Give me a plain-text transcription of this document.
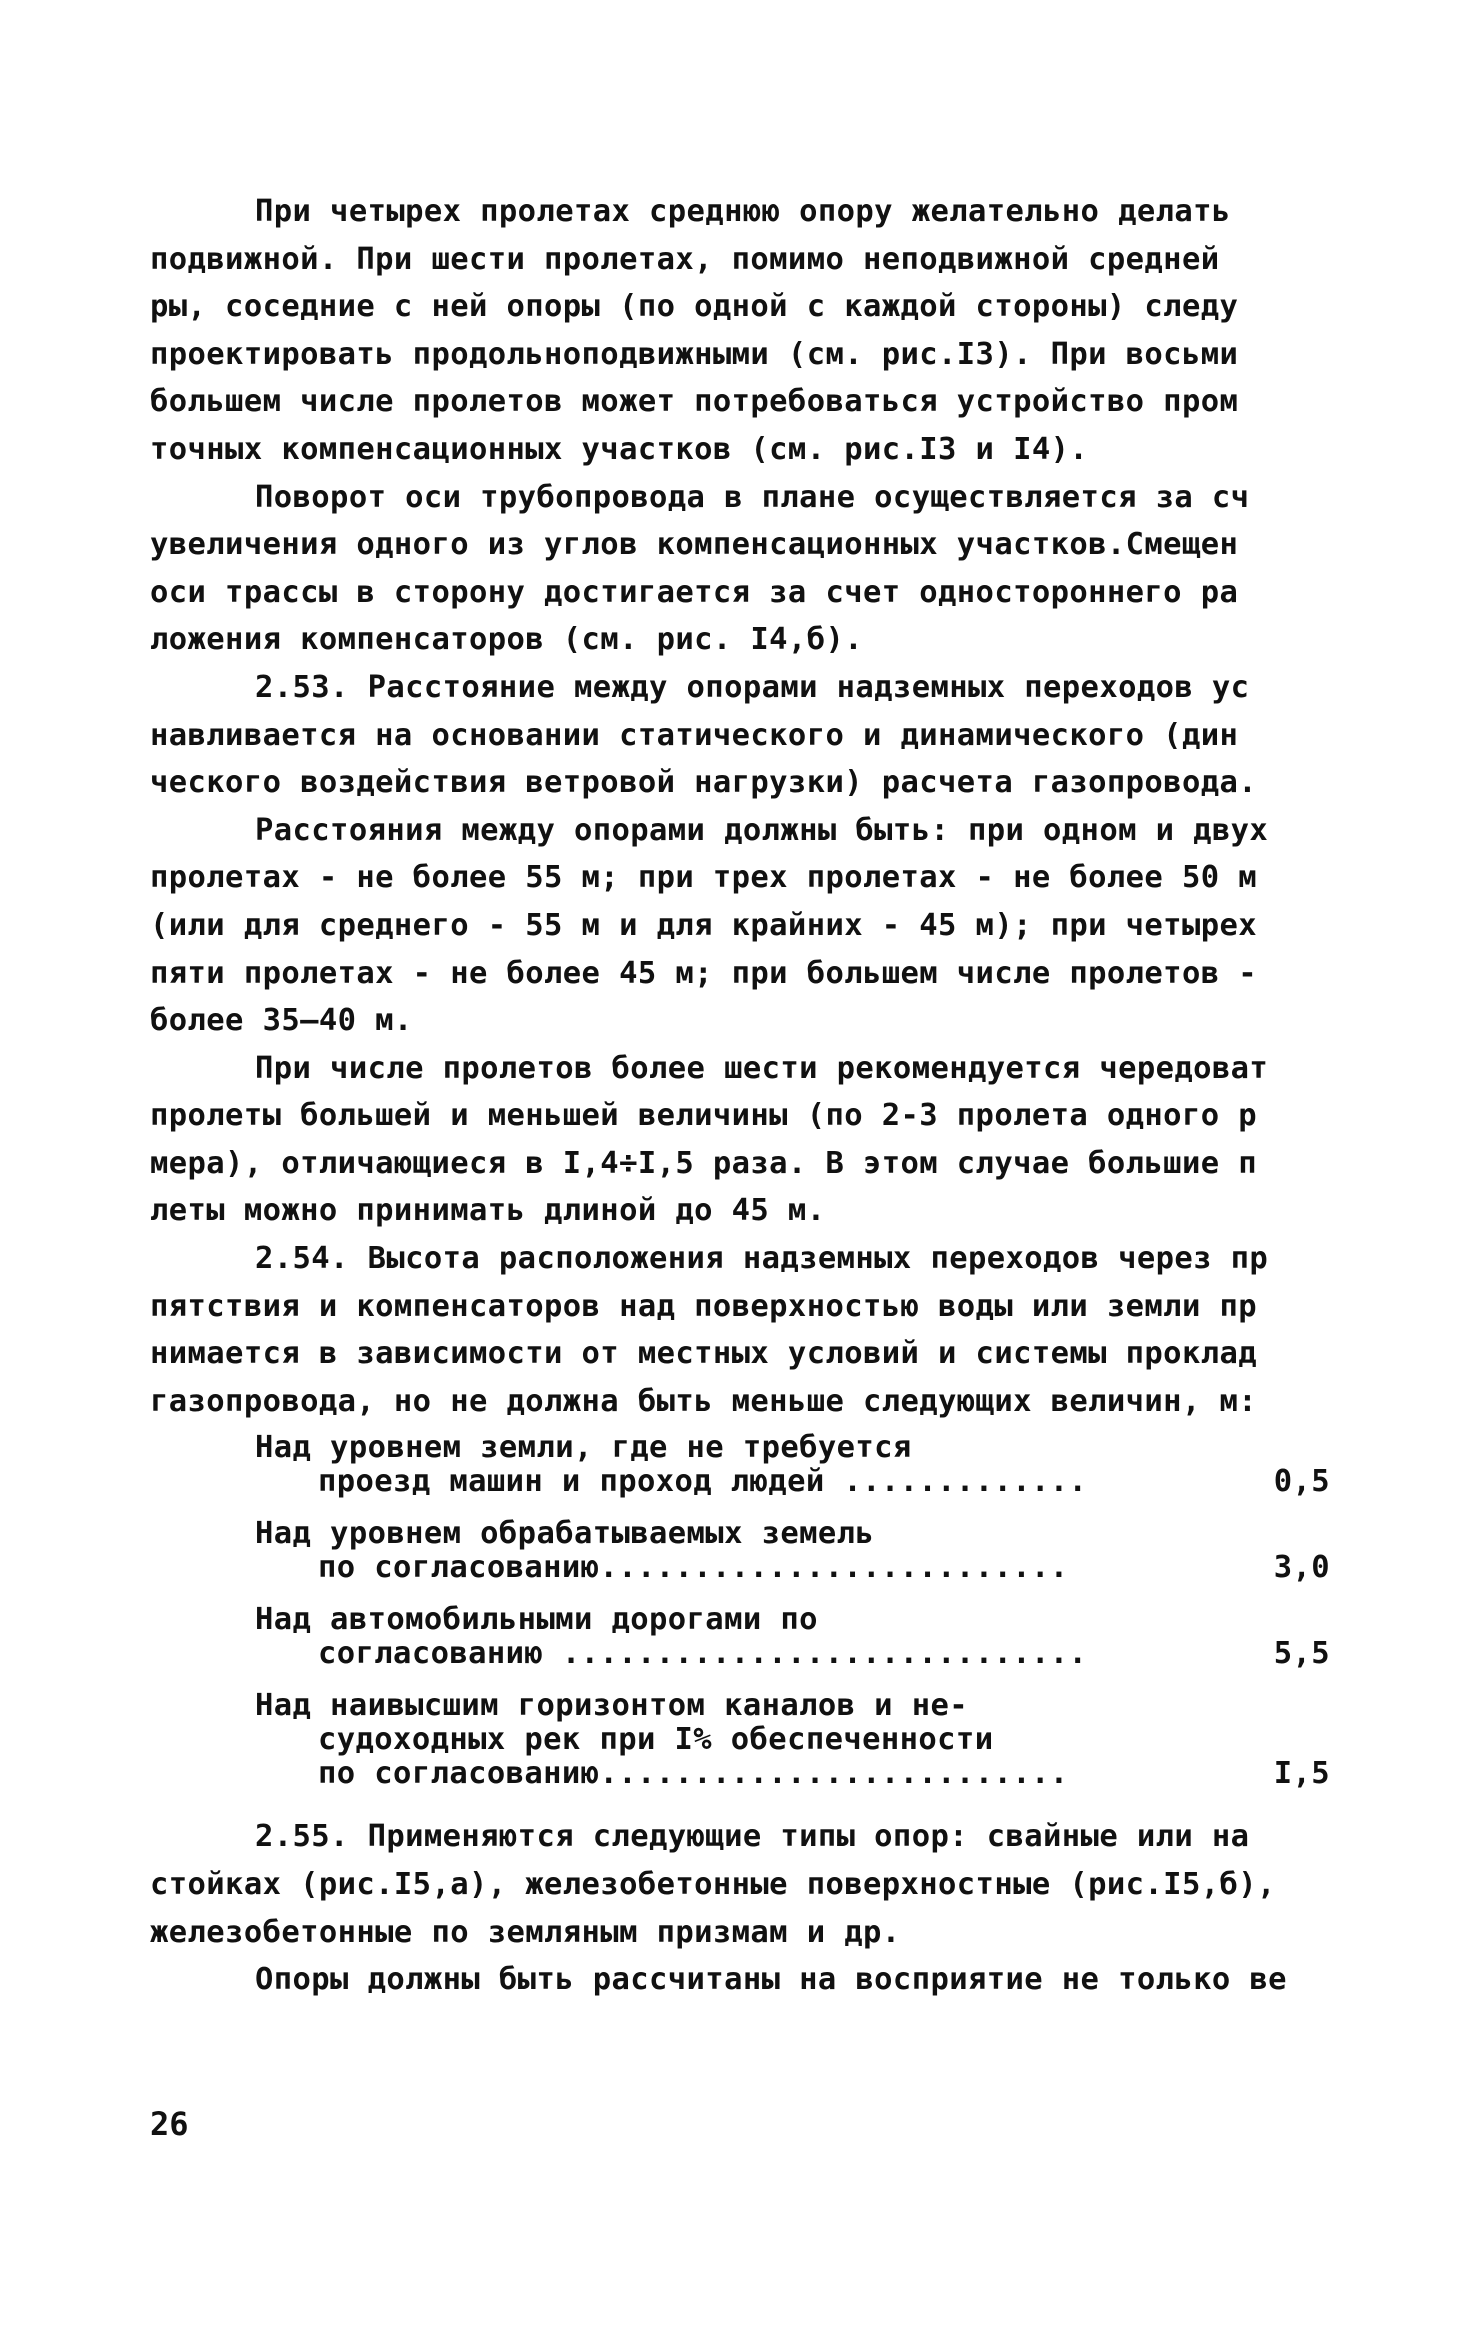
При четырех пролетах среднюю опору желательно делать
подвижной. При шести пролетах, помимо неподвижной средней
ры, соседние с ней опоры (по одной с каждой стороны) следу
проектировать продольноподвижными (см. рис.I3). При восьми
большем числе пролетов может потребоваться устройство пром
точных компенсационных участков (см. рис.I3 и I4).
Поворот оси трубопровода в плане осуществляется за сч
увеличения одного из углов компенсационных участков.Смещен
оси трассы в сторону достигается за счет одностороннего ра
ложения компенсаторов (см. рис. I4,б).
2.53. Расстояние между опорами надземных переходов ус
навливается на основании статического и динамического (дин
ческого воздействия ветровой нагрузки) расчета газопровода.
Расстояния между опорами должны быть: при одном и двух
пролетах - не более 55 м; при трех пролетах - не более 50 м
(или для среднего - 55 м и для крайних - 45 м); при четырех
пяти пролетах - не более 45 м; при большем числе пролетов -
более 35–40 м.
При числе пролетов более шести рекомендуется чередоват
пролеты большей и меньшей величины (по 2-3 пролета одного р
мера), отличающиеся в I,4÷I,5 раза. В этом случае большие п
леты можно принимать длиной до 45 м.
2.54. Высота расположения надземных переходов через пр
пятствия и компенсаторов над поверхностью воды или земли пр
нимается в зависимости от местных условий и системы проклад
газопровода, но не должна быть меньше следующих величин, м:
Над уровнем земли, где не требуется
проезд машин и проход людей .............	0,5
Над уровнем обрабатываемых земель
по согласованию.........................	3,0
Над автомобильными дорогами по
согласованию ............................	5,5
Над наивысшим горизонтом каналов и не-
судоходных рек при I% обеспеченности
по согласованию.........................	I,5
2.55. Применяются следующие типы опор: свайные или на
стойках (рис.I5,а), железобетонные поверхностные (рис.I5,б),
железобетонные по земляным призмам и др.
Опоры должны быть рассчитаны на восприятие не только ве
26
